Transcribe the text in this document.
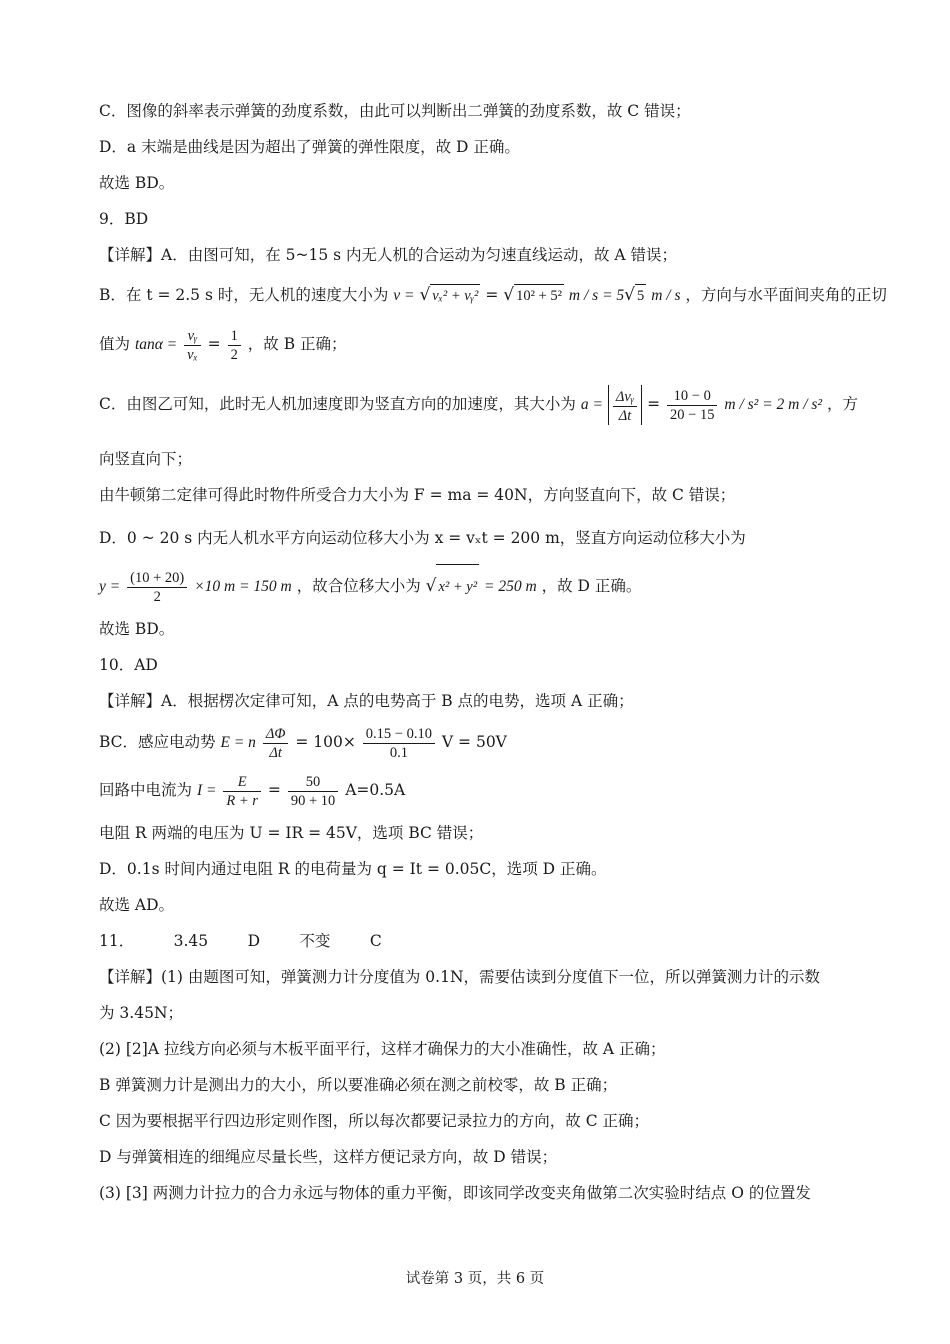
C．图像的斜率表示弹簧的劲度系数，由此可以判断出二弹簧的劲度系数，故 C 错误；
D．a 末端是曲线是因为超出了弹簧的弹性限度，故 D 正确。
故选 BD。
9．BD
【详解】A．由图可知，在 5~15 s 内无人机的合运动为匀速直线运动，故 A 错误；
B．在 t = 2.5 s 时，无人机的速度大小为 v = √ vₓ² + vᵧ² = √ 10² + 5² m / s = 5√ 5 m / s ，方向与水平面间夹角的正切
值为 $\tan\alpha = \frac{\text{vᵧ}}{\text{vₓ}} = \frac{1}{2}$ ，故 B 正确；
C．由图乙可知，此时无人机加速度即为竖直方向的加速度，其大小为 $a = \frac{\text{Δvᵧ}}{\Delta t} = \frac{10 - 0}{20 - 15}$ m / s² = 2 m / s² ，方
向竖直向下；
由牛顿第二定律可得此时物件所受合力大小为 F = ma = 40N，方向竖直向下，故 C 错误；
D．0 ~ 20 s 内无人机水平方向运动位移大小为 x = vₓt = 200 m，竖直方向运动位移大小为
$y = \frac{(10 + 20)}{2} \times 10$ m = 150 m ，故合位移大小为 √ x² + y² = 250 m ，故 D 正确。
故选 BD。
10．AD
【详解】A．根据楞次定律可知，A 点的电势高于 B 点的电势，选项 A 正确；
BC．感应电动势 E = n $\frac{\Delta\Phi}{\Delta t} = 100\times \frac{0.15 - 0.10}{0.1}$ V = 50V
回路中电流为 $I = \frac{E}{R + r} = \frac{50}{90 + 10} A=0.5A$
电阻 R 两端的电压为 U = IR = 45V，选项 BC 错误；
D．0.1s 时间内通过电阻 R 的电荷量为 q = It = 0.05C，选项 D 正确。
故选 AD。
11．        3.45        D        不变        C
【详解】(1) 由题图可知，弹簧测力计分度值为 0.1N，需要估读到分度值下一位，所以弹簧测力计的示数
为 3.45N；
(2) [2]A 拉线方向必须与木板平面平行，这样才确保力的大小准确性，故 A 正确；
B 弹簧测力计是测出力的大小，所以要准确必须在测之前校零，故 B 正确；
C 因为要根据平行四边形定则作图，所以每次都要记录拉力的方向，故 C 正确；
D 与弹簧相连的细绳应尽量长些，这样方便记录方向，故 D 错误；
(3) [3] 两测力计拉力的合力永远与物体的重力平衡，即该同学改变夹角做第二次实验时结点 O 的位置发
试卷第 3 页，共 6 页
